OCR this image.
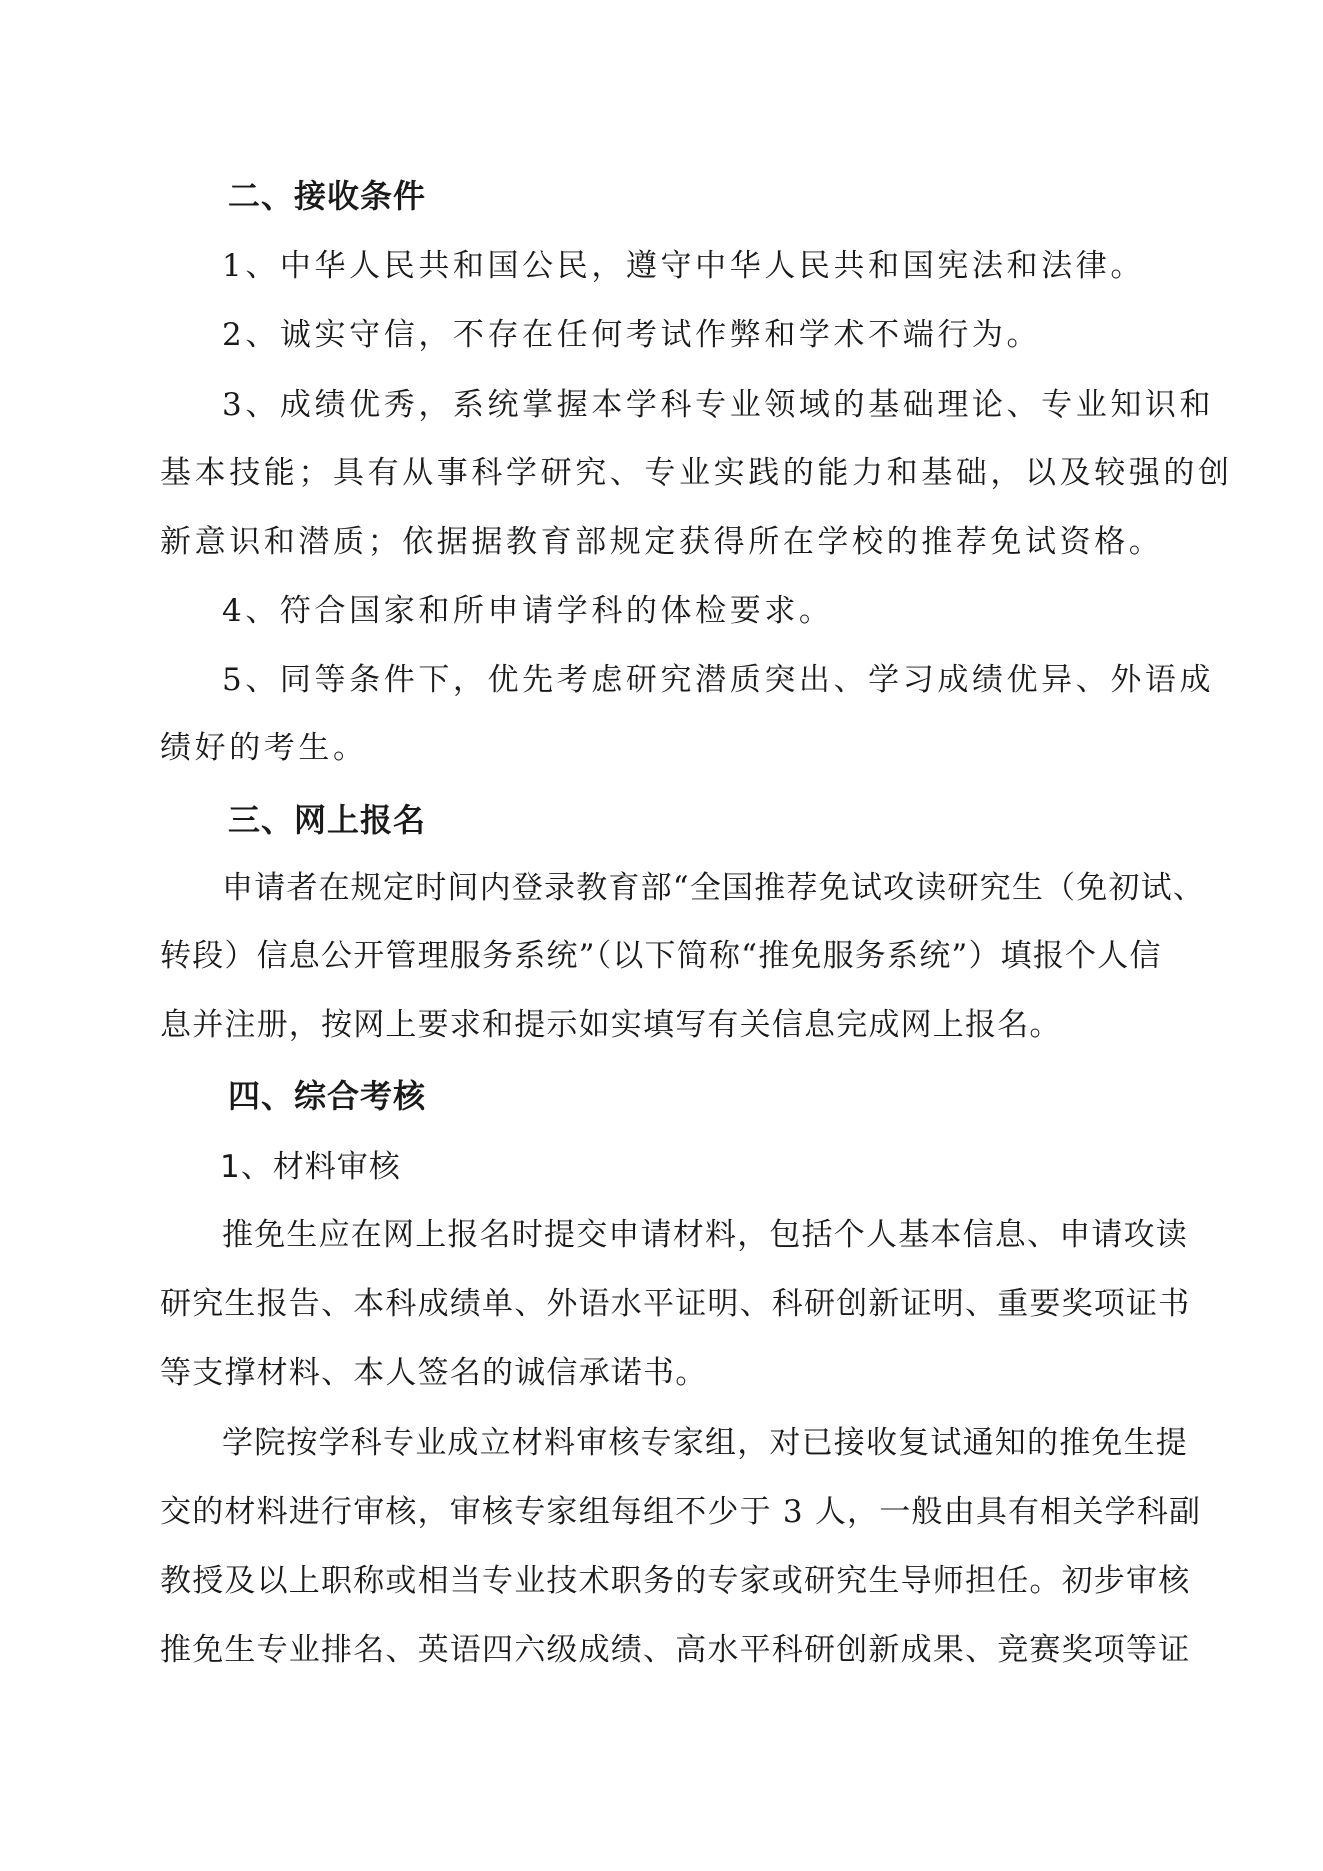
二、接收条件
1、中华人民共和国公民，遵守中华人民共和国宪法和法律。
2、诚实守信，不存在任何考试作弊和学术不端行为。
3、成绩优秀，系统掌握本学科专业领域的基础理论、专业知识和
基本技能；具有从事科学研究、专业实践的能力和基础，以及较强的创
新意识和潜质；依据据教育部规定获得所在学校的推荐免试资格。
4、符合国家和所申请学科的体检要求。
5、同等条件下，优先考虑研究潜质突出、学习成绩优异、外语成
绩好的考生。
三、网上报名
申请者在规定时间内登录教育部“全国推荐免试攻读研究生（免初试、
转段）信息公开管理服务系统”（以下简称“推免服务系统”）填报个人信
息并注册，按网上要求和提示如实填写有关信息完成网上报名。
四、综合考核
1、材料审核
推免生应在网上报名时提交申请材料，包括个人基本信息、申请攻读
研究生报告、本科成绩单、外语水平证明、科研创新证明、重要奖项证书
等支撑材料、本人签名的诚信承诺书。
学院按学科专业成立材料审核专家组，对已接收复试通知的推免生提
交的材料进行审核，审核专家组每组不少于 3 人，一般由具有相关学科副
教授及以上职称或相当专业技术职务的专家或研究生导师担任。初步审核
推免生专业排名、英语四六级成绩、高水平科研创新成果、竞赛奖项等证
